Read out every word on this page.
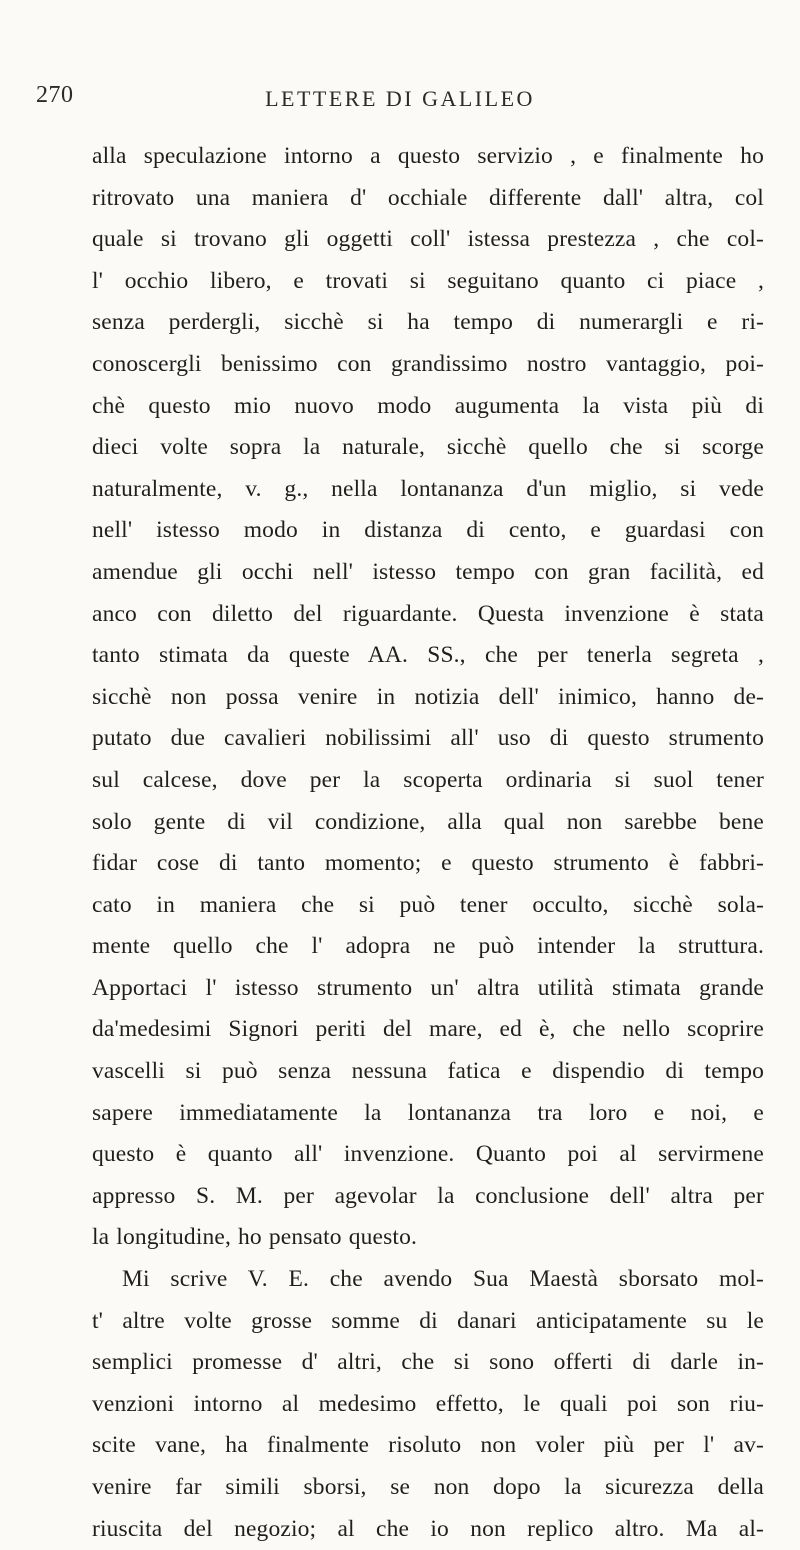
270	LETTERE DI GALILEO
alla speculazione intorno a questo servizio , e finalmente ho
ritrovato una maniera d' occhiale differente dall' altra, col
quale si trovano gli oggetti coll' istessa prestezza , che col-
l' occhio libero, e trovati si seguitano quanto ci piace ,
senza perdergli, sicchè si ha tempo di numerargli e ri-
conoscergli benissimo con grandissimo nostro vantaggio, poi-
chè questo mio nuovo modo augumenta la vista più di
dieci volte sopra la naturale, sicchè quello che si scorge
naturalmente, v. g., nella lontananza d'un miglio, si vede
nell' istesso modo in distanza di cento, e guardasi con
amendue gli occhi nell' istesso tempo con gran facilità, ed
anco con diletto del riguardante. Questa invenzione è stata
tanto stimata da queste AA. SS., che per tenerla segreta ,
sicchè non possa venire in notizia dell' inimico, hanno de-
putato due cavalieri nobilissimi all' uso di questo strumento
sul calcese, dove per la scoperta ordinaria si suol tener
solo gente di vil condizione, alla qual non sarebbe bene
fidar cose di tanto momento; e questo strumento è fabbri-
cato in maniera che si può tener occulto, sicchè sola-
mente quello che l' adopra ne può intender la struttura.
Apportaci l' istesso strumento un' altra utilità stimata grande
da'medesimi Signori periti del mare, ed è, che nello scoprire
vascelli si può senza nessuna fatica e dispendio di tempo
sapere immediatamente la lontananza tra loro e noi, e
questo è quanto all' invenzione. Quanto poi al servirmene
appresso S. M. per agevolar la conclusione dell' altra per
la longitudine, ho pensato questo.
Mi scrive V. E. che avendo Sua Maestà sborsato mol-
t' altre volte grosse somme di danari anticipatamente su le
semplici promesse d' altri, che si sono offerti di darle in-
venzioni intorno al medesimo effetto, le quali poi son riu-
scite vane, ha finalmente risoluto non voler più per l' av-
venire far simili sborsi, se non dopo la sicurezza della
riuscita del negozio; al che io non replico altro. Ma al-
